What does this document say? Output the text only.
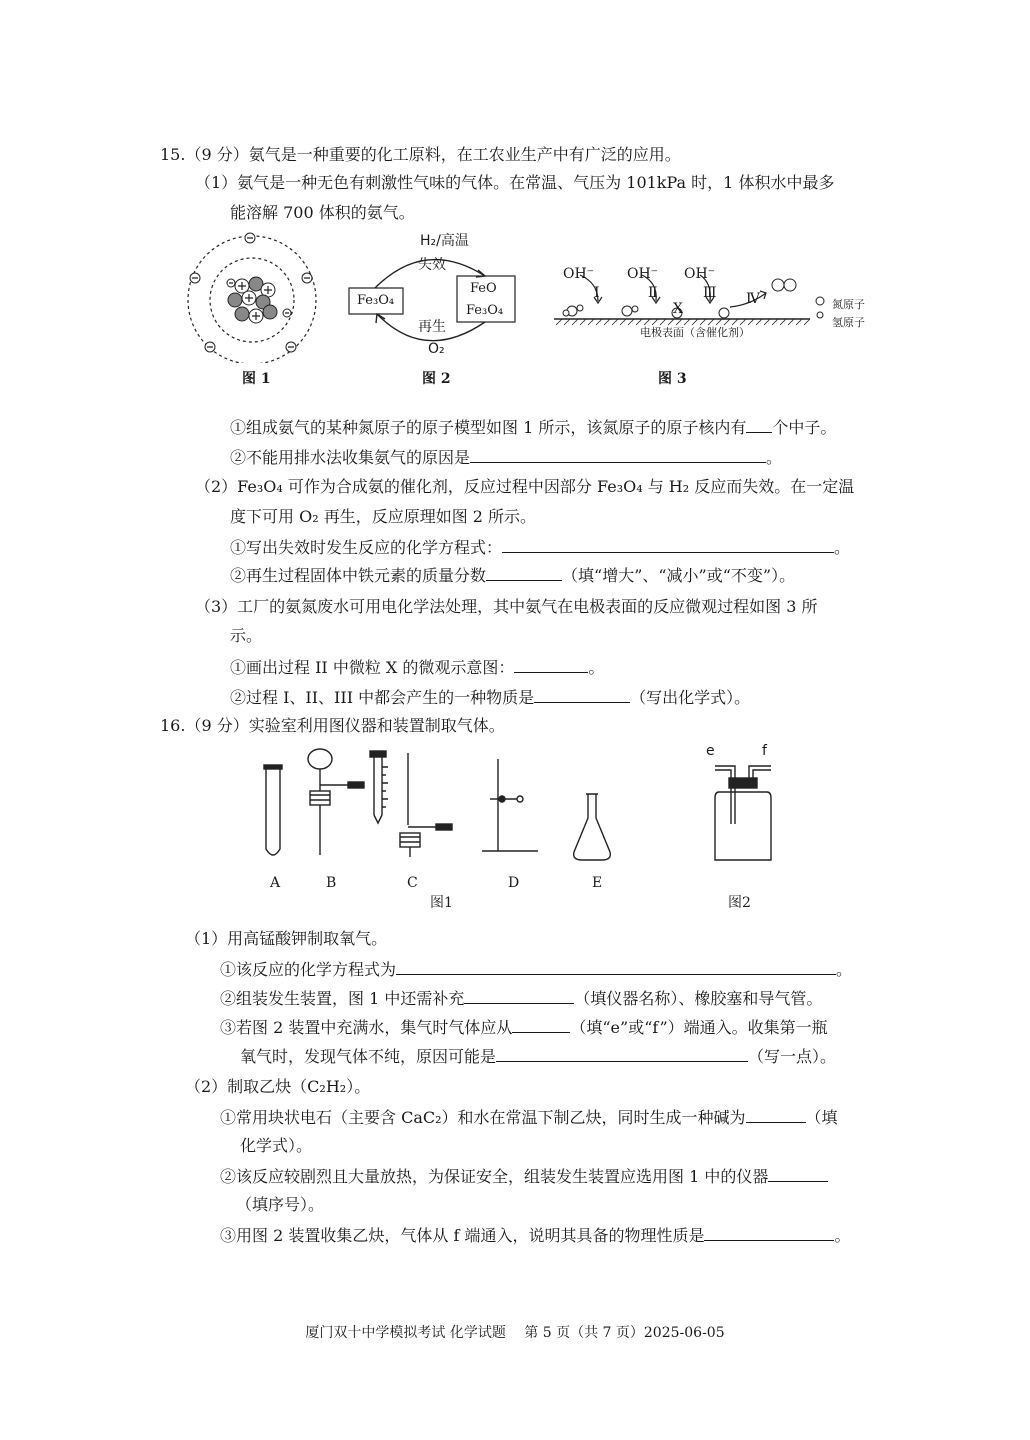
15.（9 分）氨气是一种重要的化工原料，在工农业生产中有广泛的应用。
（1）氨气是一种无色有刺激性气味的气体。在常温、气压为 101kPa 时，1 体积水中最多
能溶解 700 体积的氨气。
图 1
H₂/高温
失效
再生
O₂
Fe₃O₄
FeO
Fe₃O₄
图 2
OH⁻ OH⁻ OH⁻
Ⅰ	Ⅱ	Ⅲ Ⅳ
X	氮原子
氢原子
电极表面（含催化剂）
图 3
①组成氨气的某种氮原子的原子模型如图 1 所示，该氮原子的原子核内有 个中子。
②不能用排水法收集氨气的原因是	。
（2）Fe₃O₄ 可作为合成氨的催化剂，反应过程中因部分 Fe₃O₄ 与 H₂ 反应而失效。在一定温
度下可用 O₂ 再生，反应原理如图 2 所示。
①写出失效时发生反应的化学方程式：	。
②再生过程固体中铁元素的质量分数	（填“增大”、“减小”或“不变”）。
（3）工厂的氨氮废水可用电化学法处理，其中氨气在电极表面的反应微观过程如图 3 所
示。
①画出过程 II 中微粒 X 的微观示意图：	。
②过程 I、II、III 中都会产生的一种物质是	（写出化学式）。
16.（9 分）实验室利用图仪器和装置制取气体。
A	B	C	D	E
图1
e	f
图2
（1）用高锰酸钾制取氧气。
①该反应的化学方程式为	。
②组装发生装置，图 1 中还需补充	（填仪器名称）、橡胶塞和导气管。
③若图 2 装置中充满水，集气时气体应从	（填“e”或“f”）端通入。收集第一瓶
氧气时，发现气体不纯，原因可能是	（写一点）。
（2）制取乙炔（C₂H₂）。
①常用块状电石（主要含 CaC₂）和水在常温下制乙炔，同时生成一种碱为	（填
化学式）。
②该反应较剧烈且大量放热，为保证安全，组装发生装置应选用图 1 中的仪器
（填序号）。
③用图 2 装置收集乙炔，气体从 f 端通入，说明其具备的物理性质是	。
厦门双十中学模拟考试 化学试题　 第 5 页（共 7 页）2025-06-05
